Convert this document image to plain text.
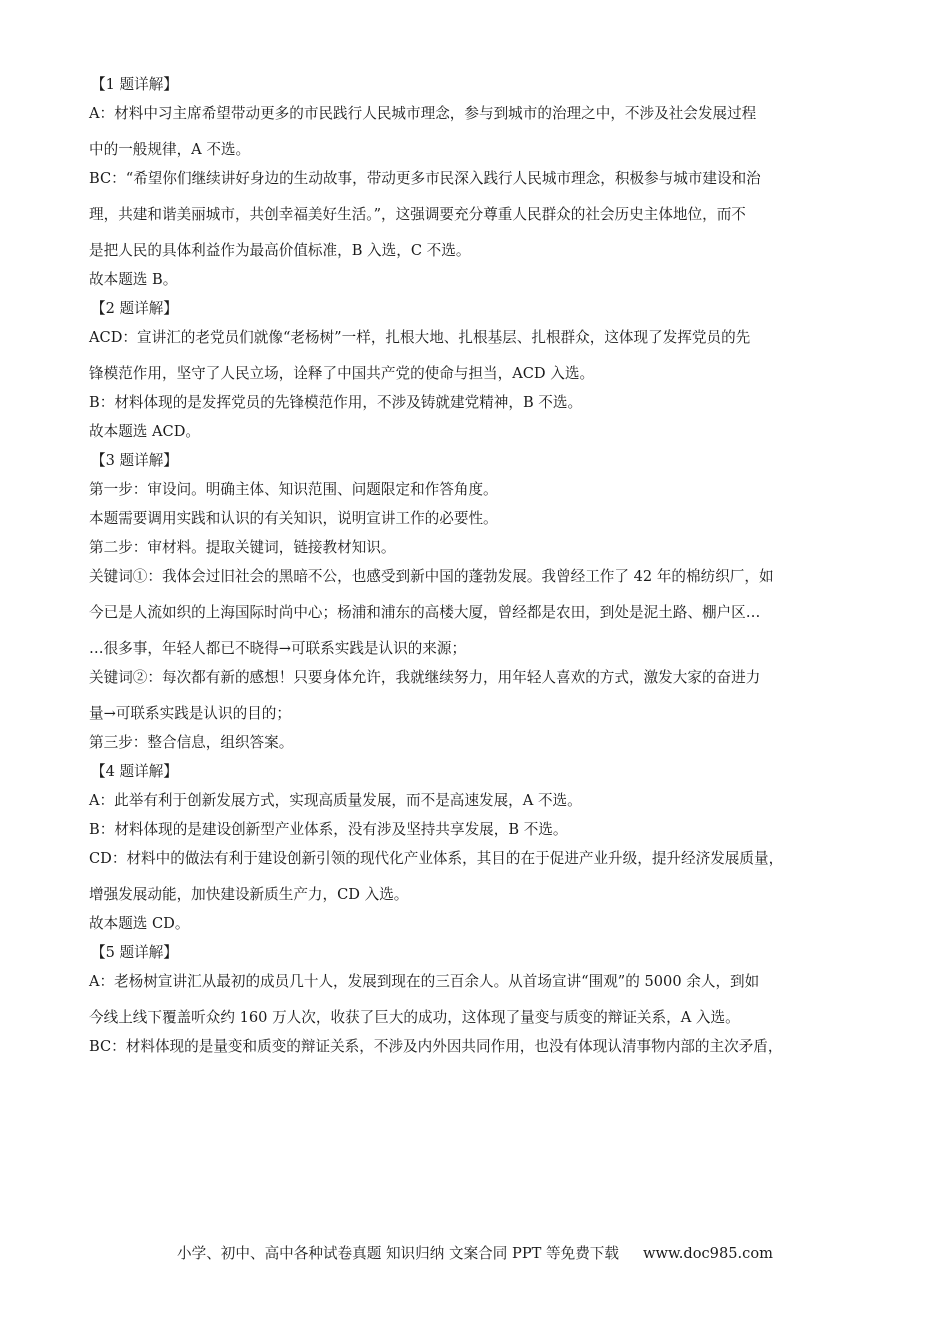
【1 题详解】

A：材料中习主席希望带动更多的市民践行人民城市理念，参与到城市的治理之中，不涉及社会发展过程

中的一般规律，A 不选。

BC：“希望你们继续讲好身边的生动故事，带动更多市民深入践行人民城市理念，积极参与城市建设和治

理，共建和谐美丽城市，共创幸福美好生活。”，这强调要充分尊重人民群众的社会历史主体地位，而不

是把人民的具体利益作为最高价值标准，B 入选，C 不选。

故本题选 B。

【2 题详解】

ACD：宣讲汇的老党员们就像“老杨树”一样，扎根大地、扎根基层、扎根群众，这体现了发挥党员的先

锋模范作用，坚守了人民立场，诠释了中国共产党的使命与担当，ACD 入选。

B：材料体现的是发挥党员的先锋模范作用，不涉及铸就建党精神，B 不选。

故本题选 ACD。

【3 题详解】

第一步：审设问。明确主体、知识范围、问题限定和作答角度。

本题需要调用实践和认识的有关知识，说明宣讲工作的必要性。

第二步：审材料。提取关键词，链接教材知识。

关键词①：我体会过旧社会的黑暗不公，也感受到新中国的蓬勃发展。我曾经工作了 42 年的棉纺织厂，如

今已是人流如织的上海国际时尚中心；杨浦和浦东的高楼大厦，曾经都是农田，到处是泥土路、棚户区…

…很多事，年轻人都已不晓得→可联系实践是认识的来源；

关键词②：每次都有新的感想！只要身体允许，我就继续努力，用年轻人喜欢的方式，激发大家的奋进力

量→可联系实践是认识的目的；

第三步：整合信息，组织答案。

【4 题详解】

A：此举有利于创新发展方式，实现高质量发展，而不是高速发展，A 不选。

B：材料体现的是建设创新型产业体系，没有涉及坚持共享发展，B 不选。

CD：材料中的做法有利于建设创新引领的现代化产业体系，其目的在于促进产业升级，提升经济发展质量，

增强发展动能，加快建设新质生产力，CD 入选。

故本题选 CD。

【5 题详解】

A：老杨树宣讲汇从最初的成员几十人，发展到现在的三百余人。从首场宣讲“围观”的 5000 余人，到如

今线上线下覆盖听众约 160 万人次，收获了巨大的成功，这体现了量变与质变的辩证关系，A 入选。

BC：材料体现的是量变和质变的辩证关系，不涉及内外因共同作用，也没有体现认清事物内部的主次矛盾，

小学、初中、高中各种试卷真题 知识归纳 文案合同 PPT 等免费下载 www.doc985.com
